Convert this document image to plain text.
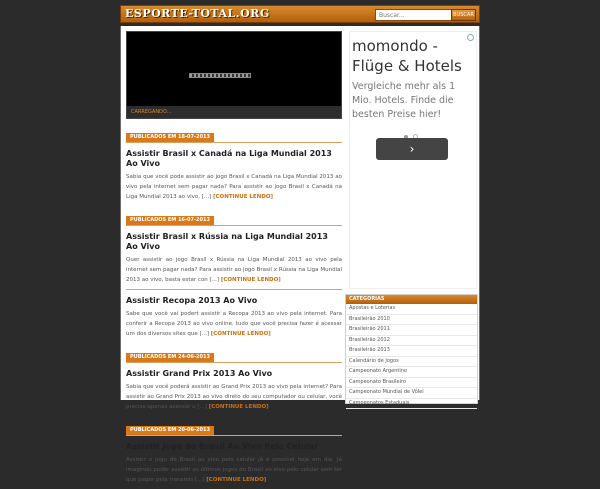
ESPORTE-TOTAL.ORG
Buscar...	BUSCAR
CARREGANDO...
PUBLICADOS EM 18-07-2013
Assistir Brasil x Canadá na Liga Mundial 2013 Ao Vivo

Sabia que você pode assistir ao jogo Brasil x Canadá na Liga Mundial 2013 ao vivo pela internet sem pagar nada? Para assistir ao jogo Brasil x Canadá na Liga Mundial 2013 ao vivo, [...] [CONTINUE LENDO]

PUBLICADOS EM 16-07-2013
Assistir Brasil x Rússia na Liga Mundial 2013 Ao Vivo

Quer assistir ao jogo Brasil x Rússia na Liga Mundial 2013 ao vivo pela internet sem pagar nada? Para assistir ao jogo Brasil x Rússia na Liga Mundial 2013 ao vivo, basta estar con [...] [CONTINUE LENDO]

Assistir Recopa 2013 Ao Vivo

Sabe que você vai podert assistir a Recopa 2013 ao vivo pela internet. Para conferir a Recopa 2013 ao vivo online, tudo que você precisa fazer é acessar um dos diversos sites que [...] [CONTINUE LENDO]

PUBLICADOS EM 24-06-2013
Assistir Grand Prix 2013 Ao Vivo

Sabia que você poderá assistir ao Grand Prix 2013 ao vivo pela internet? Para assistir ao Grand Prix 2013 ao vivo direto do seu computador ou celular, você precisa apenas acessar u [...] [CONTINUE LENDO]

PUBLICADOS EM 20-06-2013
Assistir Jogo do Brasil Ao Vivo Pelo Celular

Assistir o jogo do Brasil ao vivo pelo celular já é possível hoje em dia. Já imaginou poder assistir os últimos jogos do Brasil ao vivo pelo celular sem ter que pagar pela transmis [...] [CONTINUE LENDO]

momondo - Flüge & Hotels
Vergleiche mehr als 1 Mio. Hotels. Finde die besten Preise hier!
›
CATEGORIAS
Apostas e Loterias
Brasileirão 2010
Brasileirão 2011
Brasileirão 2012
Brasileirão 2013
Calendário de Jogos
Campeonato Argentino
Campeonato Brasileiro
Campeonato Mundial de Vôlei
Campeonatos Estaduais
